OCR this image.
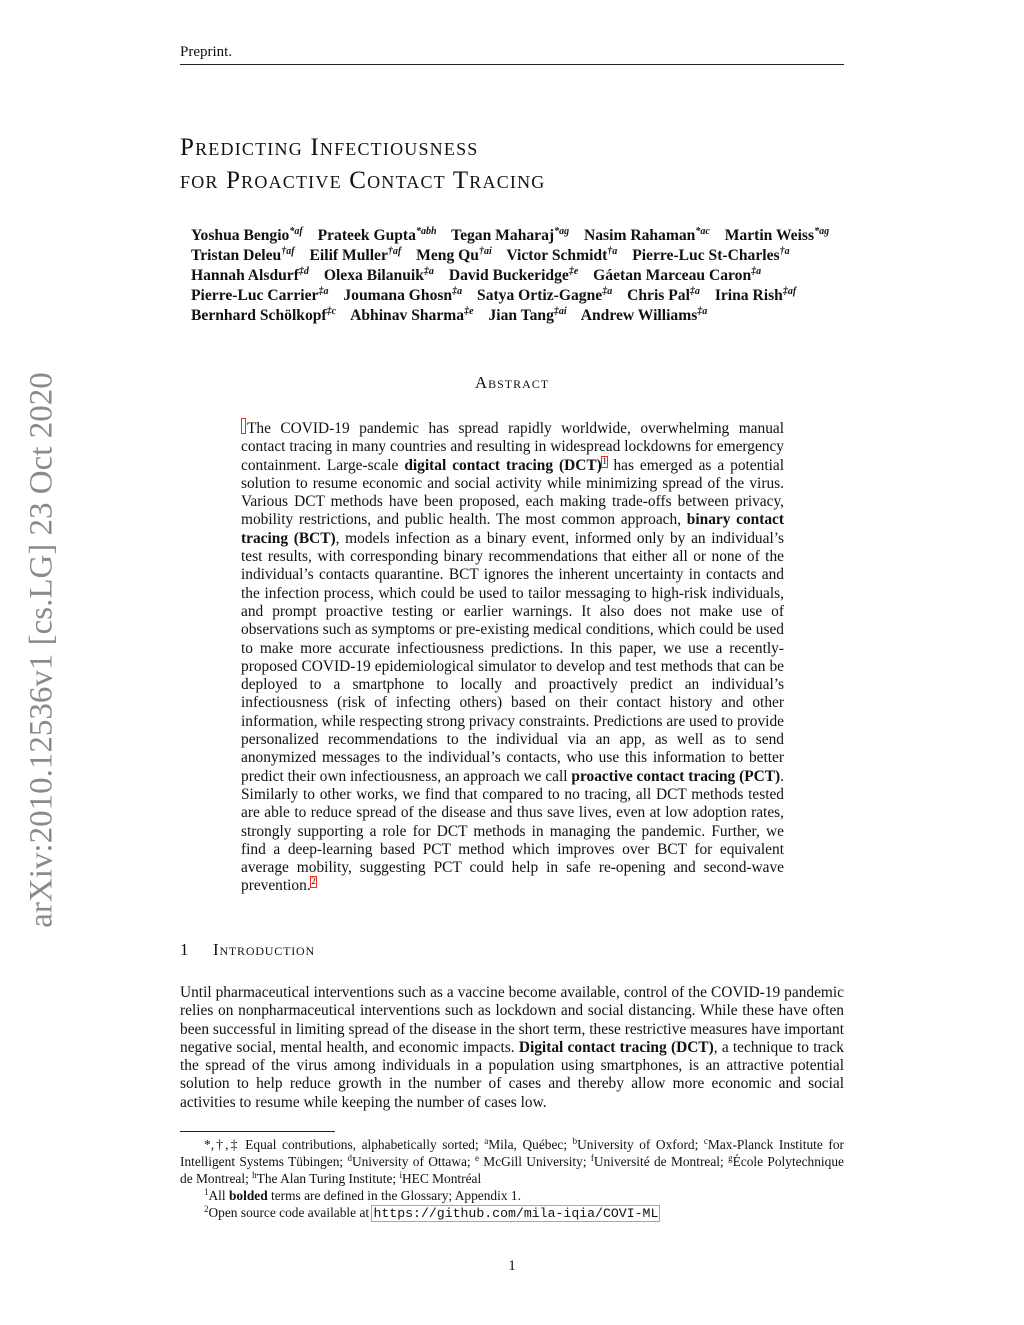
Preprint.
arXiv:2010.12536v1 [cs.LG] 23 Oct 2020
Predicting Infectiousness
for Proactive Contact Tracing
Yoshua Bengio$^{*af}$ Prateek Gupta$^{*abh}$ Tegan Maharaj$^{*ag}$ Nasim Rahaman$^{*ac}$ Martin Weiss$^{*ag}$
Tristan Deleu$^{\dagger af}$ Eilif Muller$^{\dagger af}$ Meng $Qu^{\dagger ai}$ Victor Schmidt$^{\dagger a}$ Pierre-Luc St-Charles$^{\dagger a}$
Hannah Alsdurf$^{\ddagger d}$ Olexa Bilanuik$^{\ddagger a}$ David Buckeridge$^{\ddagger e}$ Gáetan Marceau Caron$^{\ddagger a}$
Pierre-Luc Carrier$^{\ddagger a}$ Joumana Ghosn$^{\ddagger a}$ Satya Ortiz-Gagne$^{\ddagger a}$ Chris Pal$^{\ddagger a}$ Irina Rish$^{\ddagger af}$
Bernhard Schölkopf$^{\ddagger c}$ Abhinav Sharma$^{\ddagger e}$ Jian Tang$^{\ddagger ai}$ Andrew Williams$^{\ddagger a}$
Abstract
The COVID-19 pandemic has spread rapidly worldwide, overwhelming manual contact tracing in many countries and resulting in widespread lockdowns for emergency containment. Large-scale digital contact tracing (DCT)$^1$ has emerged as a potential solution to resume economic and social activity while minimizing spread of the virus. Various DCT methods have been proposed, each making trade-offs between privacy, mobility restrictions, and public health. The most common approach, binary contact tracing (BCT), models infection as a binary event, informed only by an individual’s test results, with corresponding binary recommendations that either all or none of the individual’s contacts quarantine. BCT ignores the inherent uncertainty in contacts and the infection process, which could be used to tailor messaging to high-risk individuals, and prompt proactive testing or earlier warnings. It also does not make use of observations such as symptoms or pre-existing medical conditions, which could be used to make more accurate infectiousness predictions. In this paper, we use a recently-proposed COVID-19 epidemiological simulator to develop and test methods that can be deployed to a smartphone to locally and proactively predict an individual’s infectiousness (risk of infecting others) based on their contact history and other information, while respecting strong privacy constraints. Predictions are used to provide personalized recommendations to the individual via an app, as well as to send anonymized messages to the individual’s contacts, who use this information to better predict their own infectiousness, an approach we call proactive contact tracing (PCT). Similarly to other works, we find that compared to no tracing, all DCT methods tested are able to reduce spread of the disease and thus save lives, even at low adoption rates, strongly supporting a role for DCT methods in managing the pandemic. Further, we find a deep-learning based PCT method which improves over BCT for equivalent average mobility, suggesting PCT could help in safe re-opening and second-wave prevention.$^2$
1 Introduction
Until pharmaceutical interventions such as a vaccine become available, control of the COVID-19 pandemic relies on nonpharmaceutical interventions such as lockdown and social distancing. While these have often been successful in limiting spread of the disease in the short term, these restrictive measures have important negative social, mental health, and economic impacts. Digital contact tracing (DCT), a technique to track the spread of the virus among individuals in a population using smartphones, is an attractive potential solution to help reduce growth in the number of cases and thereby allow more economic and social activities to resume while keeping the number of cases low.

*,†,‡ Equal contributions, alphabetically sorted; $^a$Mila, Québec; $^b$University of Oxford; $^c$Max-Planck Institute for Intelligent Systems Tübingen; $^d$University of Ottawa; $^e$ McGill University; $^f$Université de Montreal; $^g$École Polytechnique de Montreal; $^h$The Alan Turing Institute; $^i$HEC Montréal

$^1$All bolded terms are defined in the Glossary; Appendix 1.

$^2$Open source code available at https://github.com/mila-iqia/COVI-ML

1
